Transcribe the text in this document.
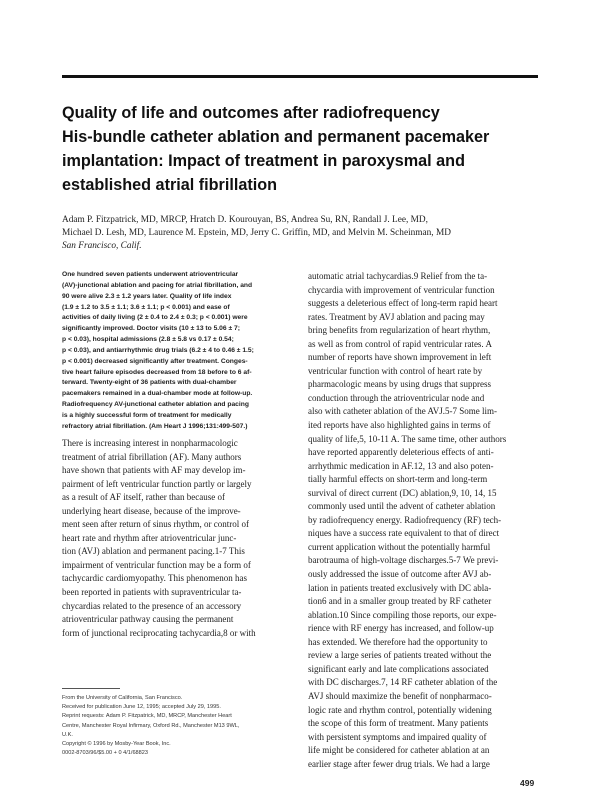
Quality of life and outcomes after radiofrequency
His-bundle catheter ablation and permanent pacemaker
implantation: Impact of treatment in paroxysmal and
established atrial fibrillation
Adam P. Fitzpatrick, MD, MRCP, Hratch D. Kourouyan, BS, Andrea Su, RN, Randall J. Lee, MD,
Michael D. Lesh, MD, Laurence M. Epstein, MD, Jerry C. Griffin, MD, and Melvin M. Scheinman, MD
San Francisco, Calif.
One hundred seven patients underwent atrioventricular
(AV)-junctional ablation and pacing for atrial fibrillation, and
90 were alive 2.3 ± 1.2 years later. Quality of life index
(1.9 ± 1.2 to 3.5 ± 1.1; 3.6 ± 1.1; p < 0.001) and ease of
activities of daily living (2 ± 0.4 to 2.4 ± 0.3; p < 0.001) were
significantly improved. Doctor visits (10 ± 13 to 5.06 ± 7;
p < 0.03), hospital admissions (2.8 ± 5.8 vs 0.17 ± 0.54;
p < 0.03), and antiarrhythmic drug trials (6.2 ± 4 to 0.46 ± 1.5;
p < 0.001) decreased significantly after treatment. Conges-
tive heart failure episodes decreased from 18 before to 6 af-
terward. Twenty-eight of 36 patients with dual-chamber
pacemakers remained in a dual-chamber mode at follow-up.
Radiofrequency AV-junctional catheter ablation and pacing
is a highly successful form of treatment for medically
refractory atrial fibrillation. (Am Heart J 1996;131:499-507.)
There is increasing interest in nonpharmacologic
treatment of atrial fibrillation (AF). Many authors
have shown that patients with AF may develop im-
pairment of left ventricular function partly or largely
as a result of AF itself, rather than because of
underlying heart disease, because of the improve-
ment seen after return of sinus rhythm, or control of
heart rate and rhythm after atrioventricular junc-
tion (AVJ) ablation and permanent pacing.1-7 This
impairment of ventricular function may be a form of
tachycardic cardiomyopathy. This phenomenon has
been reported in patients with supraventricular ta-
chycardias related to the presence of an accessory
atrioventricular pathway causing the permanent
form of junctional reciprocating tachycardia,8 or with
automatic atrial tachycardias.9 Relief from the ta-
chycardia with improvement of ventricular function
suggests a deleterious effect of long-term rapid heart
rates. Treatment by AVJ ablation and pacing may
bring benefits from regularization of heart rhythm,
as well as from control of rapid ventricular rates. A
number of reports have shown improvement in left
ventricular function with control of heart rate by
pharmacologic means by using drugs that suppress
conduction through the atrioventricular node and
also with catheter ablation of the AVJ.5-7 Some lim-
ited reports have also highlighted gains in terms of
quality of life,5, 10-11 A. The same time, other authors
have reported apparently deleterious effects of anti-
arrhythmic medication in AF.12, 13 and also poten-
tially harmful effects on short-term and long-term
survival of direct current (DC) ablation,9, 10, 14, 15
commonly used until the advent of catheter ablation
by radiofrequency energy. Radiofrequency (RF) tech-
niques have a success rate equivalent to that of direct
current application without the potentially harmful
barotrauma of high-voltage discharges.5-7 We previ-
ously addressed the issue of outcome after AVJ ab-
lation in patients treated exclusively with DC abla-
tion6 and in a smaller group treated by RF catheter
ablation.10 Since compiling those reports, our expe-
rience with RF energy has increased, and follow-up
has extended. We therefore had the opportunity to
review a large series of patients treated without the
significant early and late complications associated
with DC discharges.7, 14 RF catheter ablation of the
AVJ should maximize the benefit of nonpharmaco-
logic rate and rhythm control, potentially widening
the scope of this form of treatment. Many patients
with persistent symptoms and impaired quality of
life might be considered for catheter ablation at an
earlier stage after fewer drug trials. We had a large
From the University of California, San Francisco.
Received for publication June 12, 1995; accepted July 29, 1995.
Reprint requests: Adam P. Fitzpatrick, MD, MRCP, Manchester Heart
Centre, Manchester Royal Infirmary, Oxford Rd., Manchester M13 9WL,
U.K.
Copyright © 1996 by Mosby-Year Book, Inc.
0002-8703/96/$5.00 + 0 4/1/68823
499
